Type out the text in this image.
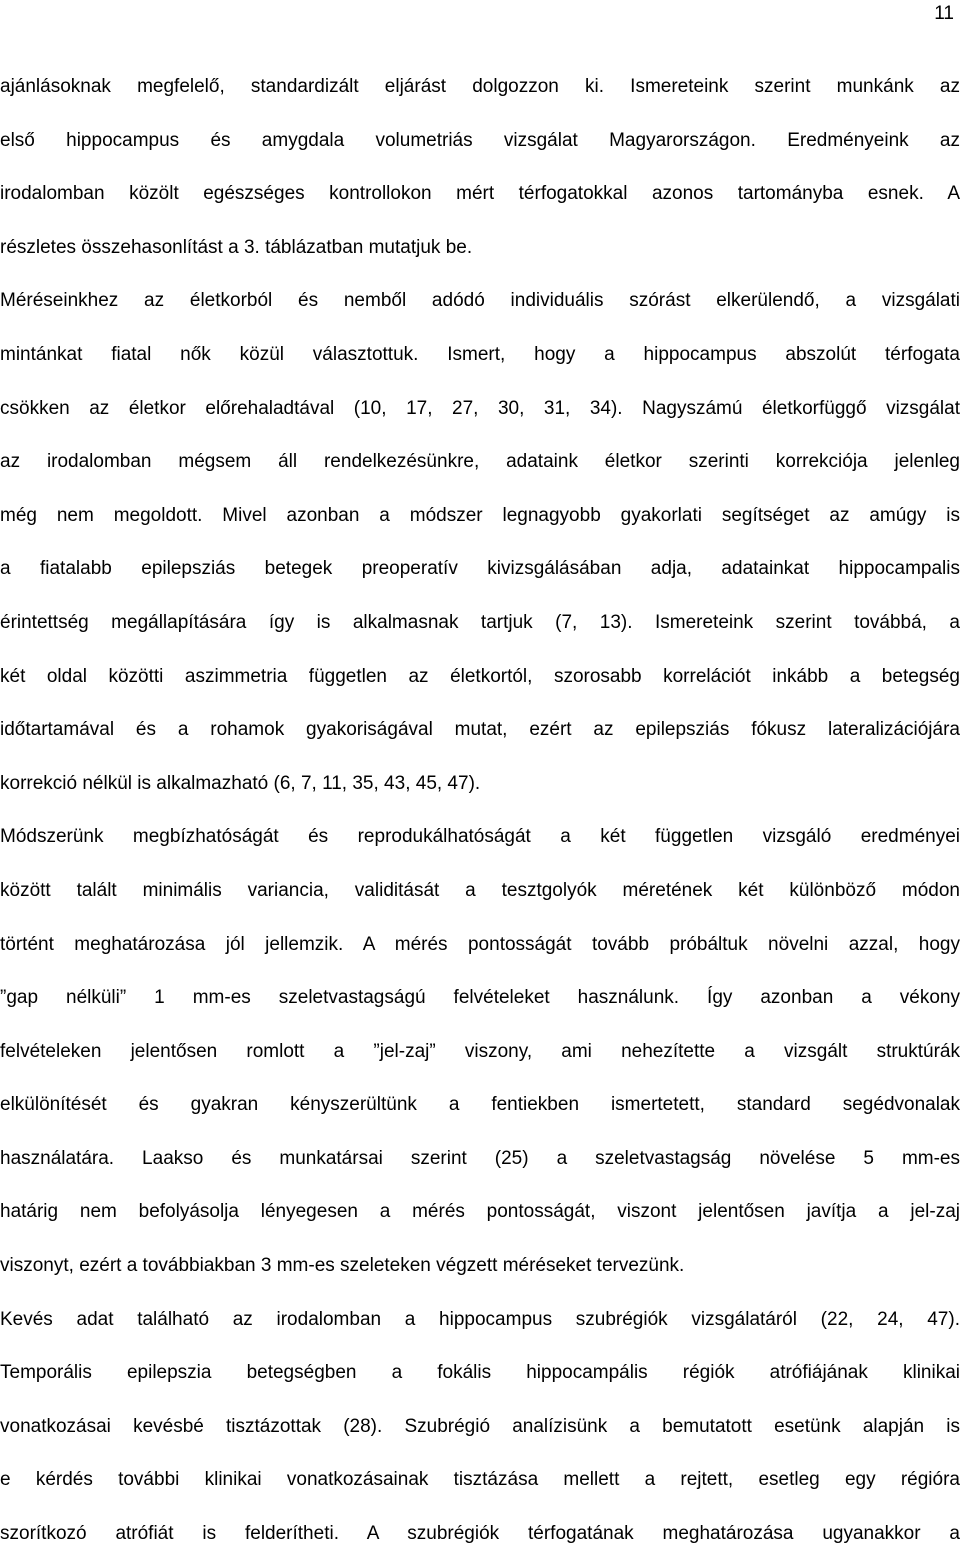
11
ajánlásoknak megfelelő, standardizált eljárást dolgozzon ki. Ismereteink szerint munkánk az
első hippocampus és amygdala volumetriás vizsgálat Magyarországon. Eredményeink az
irodalomban közölt egészséges kontrollokon mért térfogatokkal azonos tartományba esnek. A
részletes összehasonlítást a 3. táblázatban mutatjuk be.
Méréseinkhez az életkorból és nemből adódó individuális szórást elkerülendő, a vizsgálati
mintánkat fiatal nők közül választottuk. Ismert, hogy a hippocampus abszolút térfogata
csökken az életkor előrehaladtával (10, 17, 27, 30, 31, 34). Nagyszámú életkorfüggő vizsgálat
az irodalomban mégsem áll rendelkezésünkre, adataink életkor szerinti korrekciója jelenleg
még nem megoldott. Mivel azonban a módszer legnagyobb gyakorlati segítséget az amúgy is
a fiatalabb epilepsziás betegek preoperatív kivizsgálásában adja, adatainkat hippocampalis
érintettség megállapítására így is alkalmasnak tartjuk (7, 13). Ismereteink szerint továbbá, a
két oldal közötti aszimmetria független az életkortól, szorosabb korrelációt inkább a betegség
időtartamával és a rohamok gyakoriságával mutat, ezért az epilepsziás fókusz lateralizációjára
korrekció nélkül is alkalmazható (6, 7, 11, 35, 43, 45, 47).
Módszerünk megbízhatóságát és reprodukálhatóságát a két független vizsgáló eredményei
között talált minimális variancia, validitását a tesztgolyók méretének két különböző módon
történt meghatározása jól jellemzik. A mérés pontosságát tovább próbáltuk növelni azzal, hogy
”gap nélküli” 1 mm-es szeletvastagságú felvételeket használunk. Így azonban a vékony
felvételeken jelentősen romlott a ”jel-zaj” viszony, ami nehezítette a vizsgált struktúrák
elkülönítését és gyakran kényszerültünk a fentiekben ismertetett, standard segédvonalak
használatára. Laakso és munkatársai szerint (25) a szeletvastagság növelése 5 mm-es
határig nem befolyásolja lényegesen a mérés pontosságát, viszont jelentősen javítja a jel-zaj
viszonyt, ezért a továbbiakban 3 mm-es szeleteken végzett méréseket tervezünk.
Kevés adat található az irodalomban a hippocampus szubrégiók vizsgálatáról (22, 24, 47).
Temporális epilepszia betegségben a fokális hippocampális régiók atrófiájának klinikai
vonatkozásai kevésbé tisztázottak (28). Szubrégió analízisünk a bemutatott esetünk alapján is
e kérdés további klinikai vonatkozásainak tisztázása mellett a rejtett, esetleg egy régióra
szorítkozó atrófiát is felderítheti. A szubrégiók térfogatának meghatározása ugyanakkor a
